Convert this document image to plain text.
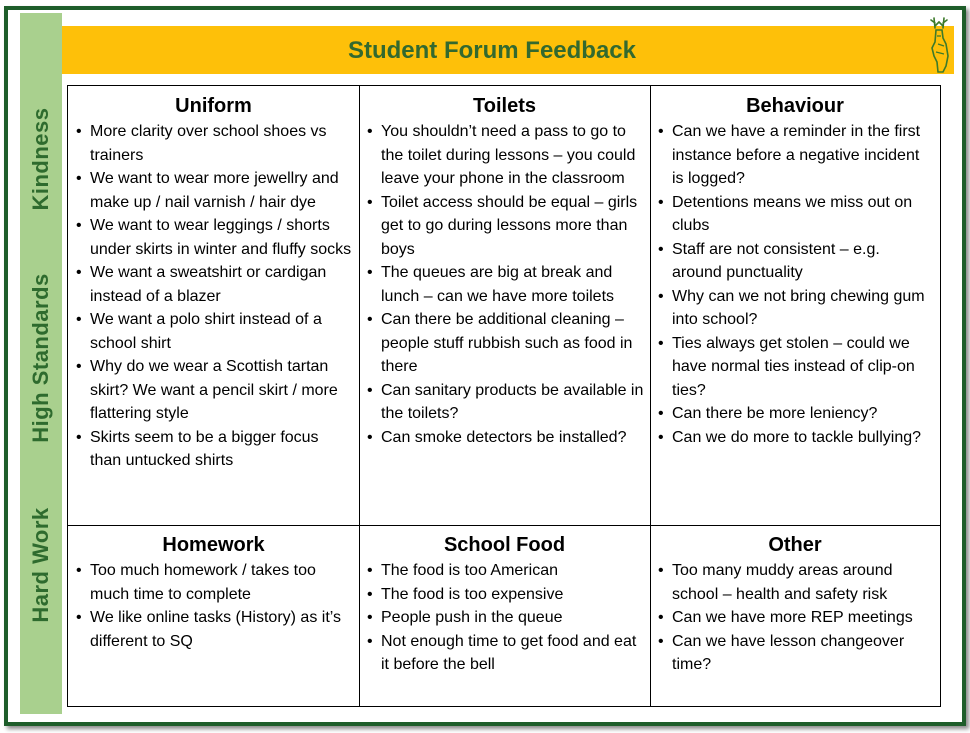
Kindness
High Standards
Hard Work
Student Forum Feedback
Uniform
• More clarity over school shoes vs trainers
• We want to wear more jewellry and make up / nail varnish / hair dye
• We want to wear leggings / shorts under skirts in winter and fluffy socks
• We want a sweatshirt or cardigan instead of a blazer
• We want a polo shirt instead of a school shirt
• Why do we wear a Scottish tartan skirt? We want a pencil skirt / more flattering style
• Skirts seem to be a bigger focus than untucked shirts
Toilets
• You shouldn’t need a pass to go to the toilet during lessons – you could leave your phone in the classroom
• Toilet access should be equal – girls get to go during lessons more than boys
• The queues are big at break and lunch – can we have more toilets
• Can there be additional cleaning – people stuff rubbish such as food in there
• Can sanitary products be available in the toilets?
• Can smoke detectors be installed?
Behaviour
• Can we have a reminder in the first instance before a negative incident is logged?
• Detentions means we miss out on clubs
• Staff are not consistent – e.g. around punctuality
• Why can we not bring chewing gum into school?
• Ties always get stolen – could we have normal ties instead of clip-on ties?
• Can there be more leniency?
• Can we do more to tackle bullying?
Homework
• Too much homework / takes too much time to complete
• We like online tasks (History) as it’s different to SQ
School Food
• The food is too American
• The food is too expensive
• People push in the queue
• Not enough time to get food and eat it before the bell
Other
• Too many muddy areas around school – health and safety risk
• Can we have more REP meetings
• Can we have lesson changeover time?
